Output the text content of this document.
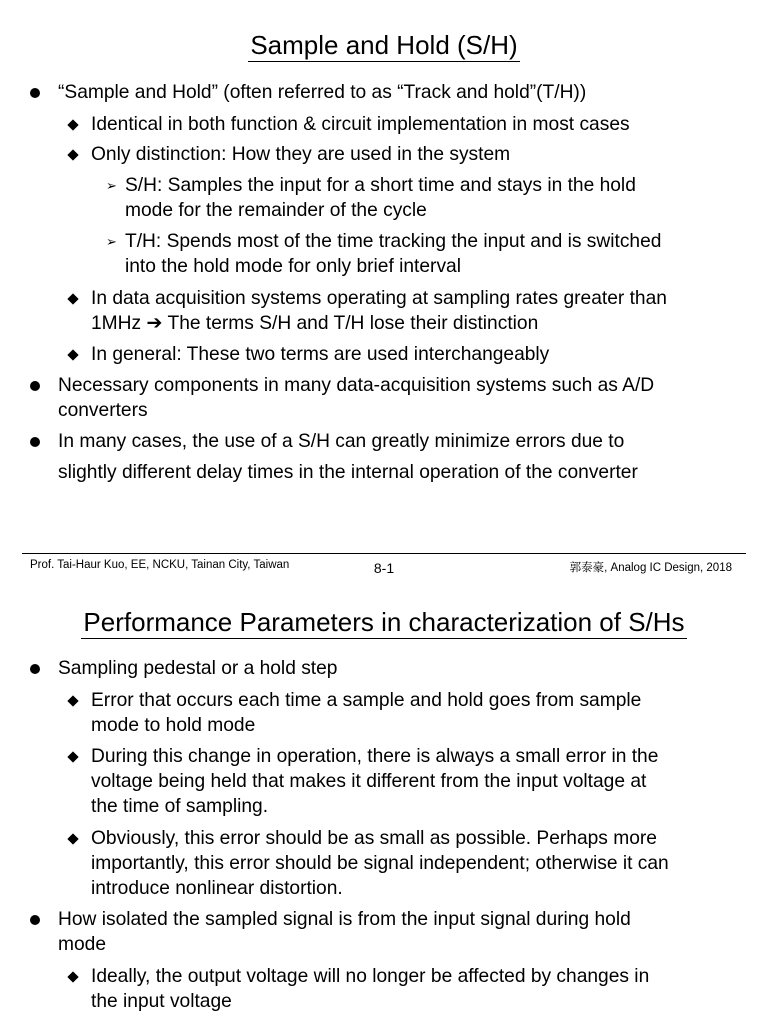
Sample and Hold (S/H)
“Sample and Hold” (often referred to as “Track and hold”(T/H))
Identical in both function & circuit implementation in most cases
Only distinction: How they are used in the system
➢ S/H: Samples the input for a short time and stays in the hold
mode for the remainder of the cycle
➢ T/H: Spends most of the time tracking the input and is switched
into the hold mode for only brief interval
In data acquisition systems operating at sampling rates greater than
1MHz ➔ The terms S/H and T/H lose their distinction
In general: These two terms are used interchangeably
Necessary components in many data-acquisition systems such as A/D
converters
In many cases, the use of a S/H can greatly minimize errors due to
slightly different delay times in the internal operation of the converter
Prof. Tai-Haur Kuo, EE, NCKU, Tainan City, Taiwan	8-1	郭泰豪, Analog IC Design, 2018
Performance Parameters in characterization of S/Hs
Sampling pedestal or a hold step
Error that occurs each time a sample and hold goes from sample
mode to hold mode
During this change in operation, there is always a small error in the
voltage being held that makes it different from the input voltage at
the time of sampling.
Obviously, this error should be as small as possible. Perhaps more
importantly, this error should be signal independent; otherwise it can
introduce nonlinear distortion.
How isolated the sampled signal is from the input signal during hold
mode
Ideally, the output voltage will no longer be affected by changes in
the input voltage
